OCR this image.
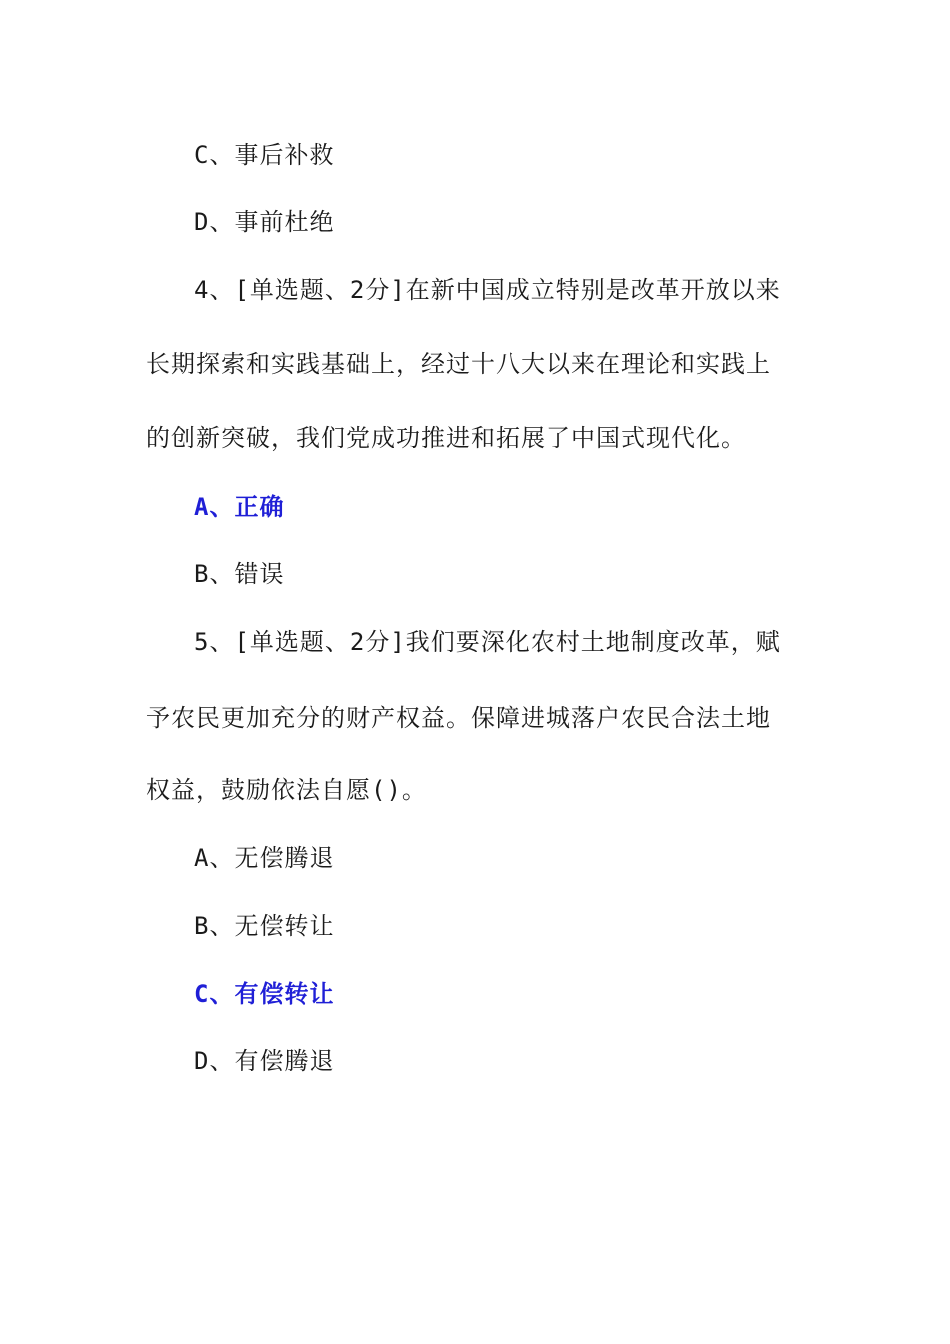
C、事后补救
D、事前杜绝
4、[单选题、2分]在新中国成立特别是改革开放以来
长期探索和实践基础上，经过十八大以来在理论和实践上
的创新突破，我们党成功推进和拓展了中国式现代化。
A、正确
B、错误
5、[单选题、2分]我们要深化农村土地制度改革，赋
予农民更加充分的财产权益。保障进城落户农民合法土地
权益，鼓励依法自愿()。
A、无偿腾退
B、无偿转让
C、有偿转让
D、有偿腾退
